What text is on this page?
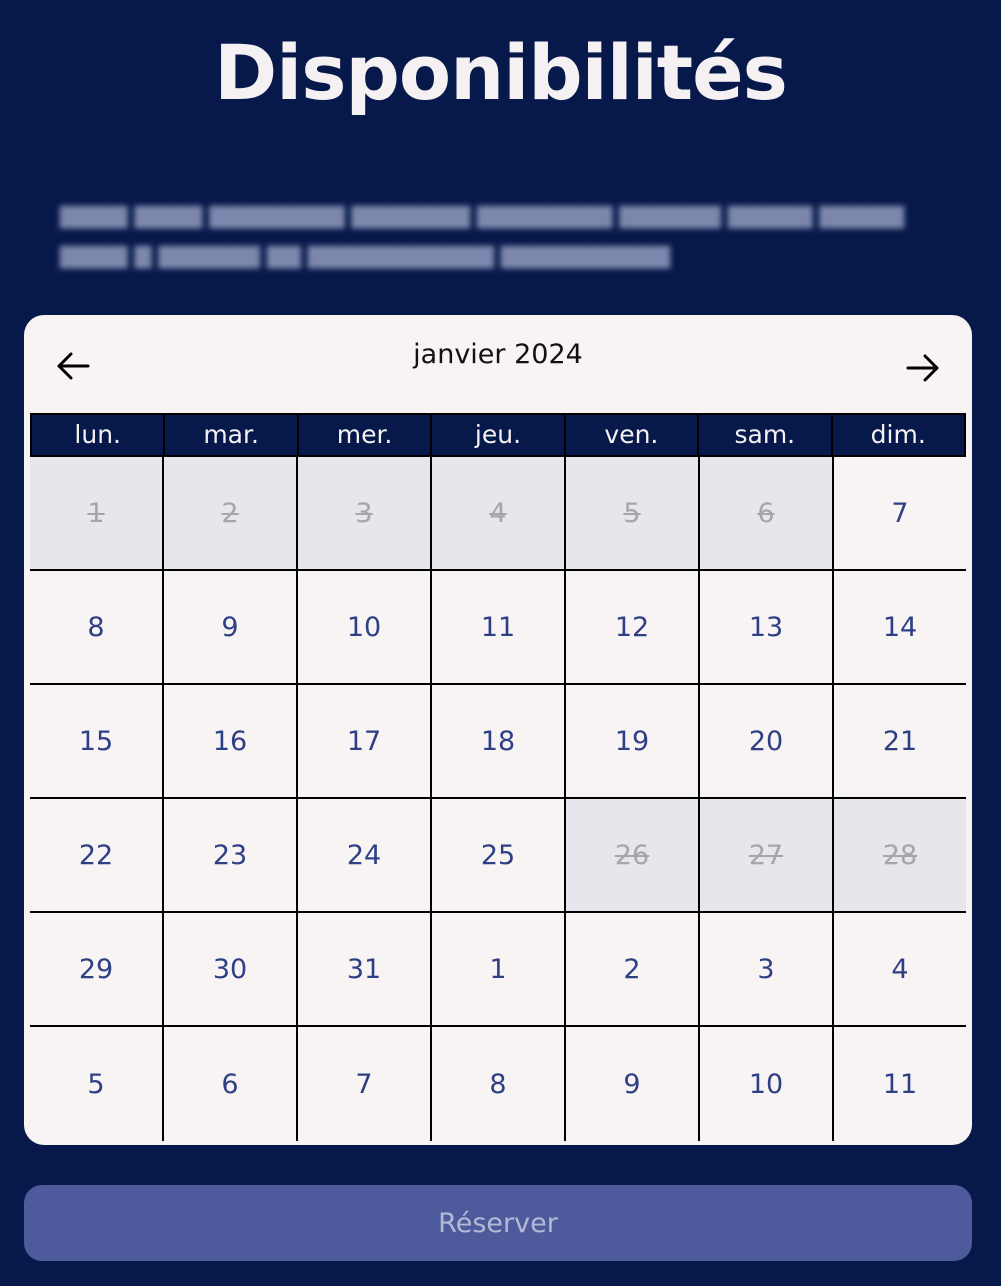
Disponibilités
▇▇▇▇ ▇▇▇▇ ▇▇▇▇▇▇▇▇ ▇▇▇▇▇▇▇ ▇▇▇▇▇▇▇▇ ▇▇▇▇▇▇ ▇▇▇▇▇ ▇▇▇▇▇
▇▇▇▇ ▇ ▇▇▇▇▇▇ ▇▇ ▇▇▇▇▇▇▇▇▇▇▇ ▇▇▇▇▇▇▇▇▇▇
janvier 2024
lun.	mar.	mer.	jeu.	ven.	sam.	dim.
1	2	3	4	5	6	7
8	9	10	11	12	13	14
15	16	17	18	19	20	21
22	23	24	25	26	27	28
29	30	31	1	2	3	4
5	6	7	8	9	10	11
Réserver
